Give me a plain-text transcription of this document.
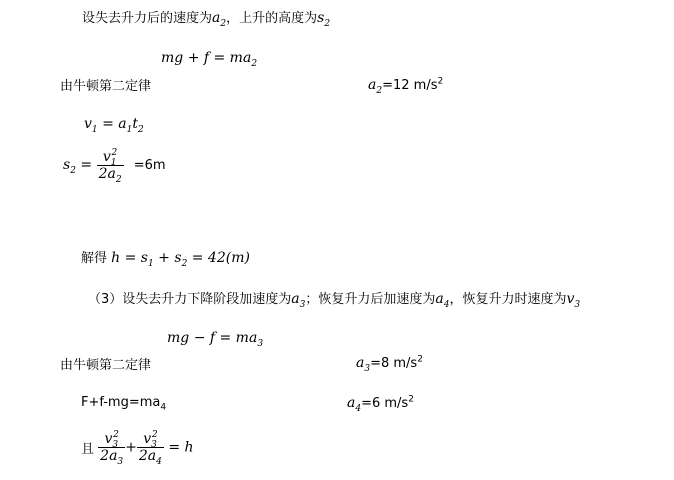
设失去升力后的速度为$a_2$，上升的高度为$s_2$
mg + $f = ma_2$
由牛顿第二定律	$a_2=12$ $m/s^2$
$v_1 = a_1t_2$
$s_2 = \frac{v_1^2}{2a_2} =6m$
解得 $h = s_1 + s_2 = 42(m)$
（3）设失去升力下降阶段加速度为$a_3$；恢复升力后加速度为$a_4$，恢复升力时速度为$v_3$
mg − $f = ma_3$
由牛顿第二定律	$a_3=8$ $m/s^2$
$F+f-mg=ma_4$	$a_4=6$ $m/s^2$
且 $\frac{v_3^2}{2a_3} + \frac{v_3^2}{2a_4} = h$
